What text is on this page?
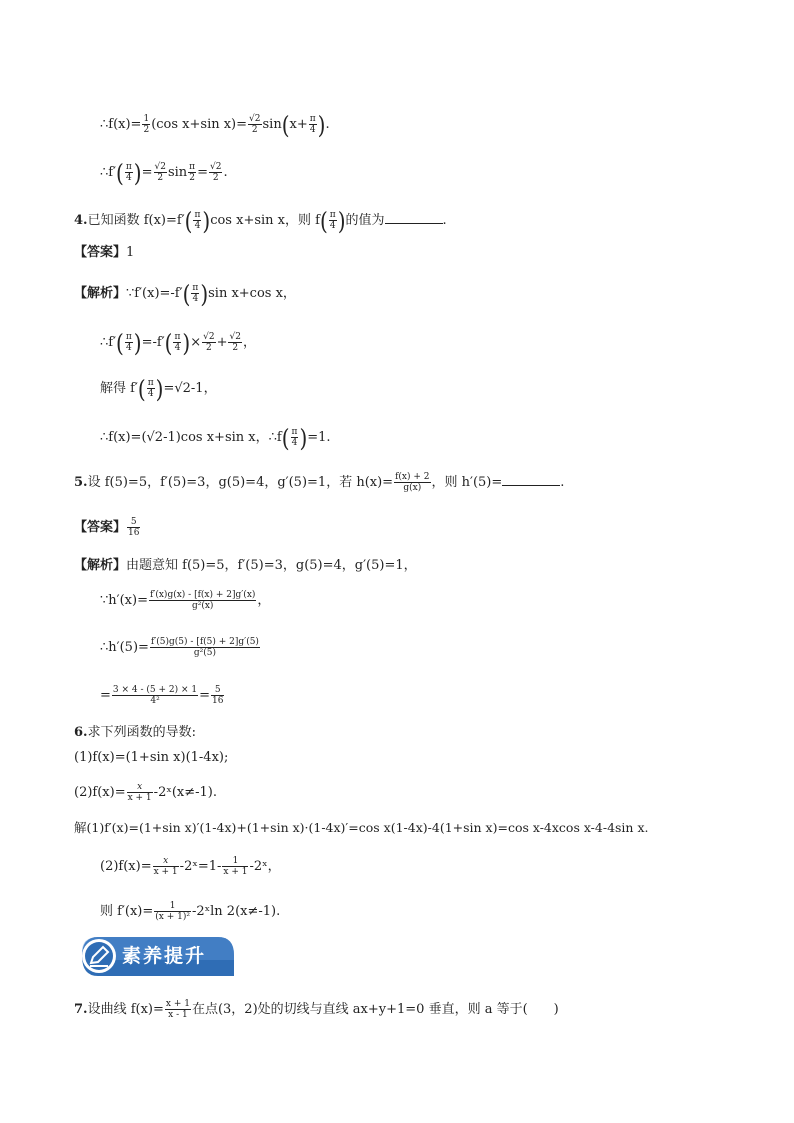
∴f(x)= $\frac{1}{2} (\cos$ x+sin $x)= \frac{√2}{2} \sin(x+ \frac{\pi}{4}$ ).
∴f′( $\frac{\pi}{4}$ )= $\frac{√2}{2}$ $\sin \frac{\pi}{2} = \frac{√2}{2}$ .
4.已知函数 $f(x)=f'( \frac{\pi}{4} )\cos$ x+sin x，则 $f( \frac{\pi}{4}$ )的值为	.
【答案】1
【解析】∵f′(x)=-f′( $\frac{\pi}{4} )\sin$ x+cos x，
∴f′( $\frac{\pi}{4} )=-f'( \frac{\pi}{4}$ )× $\frac{√2}{2} + \frac{√2}{2}$ ，
解得 $f'( \frac{\pi}{4} )=√2-1$，
∴f(x)=(√2-1)cos x+sin x，∴f( $\frac{\pi}{4} )=1$.
5.设 f(5)=5，f′(5)=3，g(5)=4，g′(5)=1，若 $h(x)= \frac{f(x) + 2}{g(x)}$ ，则 h′(5)=	.
【答案】 $\frac{5}{16}$
【解析】由题意知 f(5)=5，f′(5)=3，g(5)=4，g′(5)=1，
∵h′(x)= $\frac{f'(x)g(x) - [f(x) + 2]g'(x)}{\text{g²(x)}}$ ，
∴h′(5)= $\frac{f'(5)g(5) - [f(5) + 2]g'(5)}{\text{g²(5)}}$
= $\frac{3 \times 4 - (5 + 2) \times 1}{\text{4²}} = \frac{5}{16}$
6.求下列函数的导数:
(1)f(x)=(1+sin x)(1-4x);
$(2)f(x)= \frac{x}{x + 1}$ -2ˣ(x≠-1).
解(1)f′(x)=(1+sin x)′(1-4x)+(1+sin x)·(1-4x)′=cos x(1-4x)-4(1+sin x)=cos x-4xcos x-4-4sin x.
$(2)f(x)= \frac{x}{x + 1}$ -2ˣ=1- $\frac{1}{x + 1}$ -2ˣ，
则 $f'(x)= \frac{1}{\text{(x + 1)²}}$ -2ˣln 2(x≠-1).
素养提升
7.设曲线 $f(x)= \frac{x + 1}{x - 1}$ 在点(3，2)处的切线与直线 ax+y+1=0 垂直，则 a 等于(　　)
